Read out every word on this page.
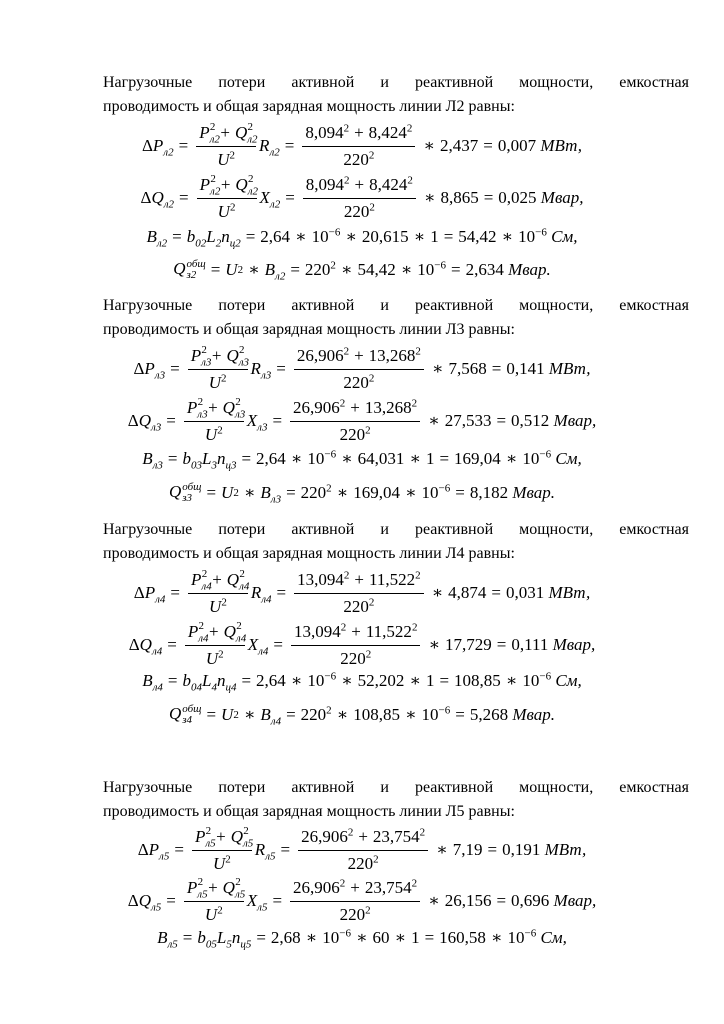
Нагрузочные потери активной и реактивной мощности, емкостная
проводимость и общая зарядная мощность линии Л2 равны:

Δ $P_{л2} = \frac{P_{л2}^2 + Q_{л2}^2}{U^2} R_{л2} = \frac{8,094^2 + 8,424^2}{220^2}$ ∗ 2,437 = 0,007
МВт,
Δ $Q_{л2} = \frac{P_{л2}^2 + Q_{л2}^2}{U^2} X_{л2} = \frac{8,094^2 + 8,424^2}{220^2}$ ∗ 8,865 = 0,025
Мвар,
$B_{л2} = b_{02}$ $L_2$ $n_{ц2} = 2,64$ ∗ $10^{-6}$ ∗ 20,615 ∗ 1 = 54,42 ∗ $10^{-6}$
См,
Q общ
з2 = U 2 ∗ $B_{л2} = 220^2$ ∗ 54,42 ∗ $10^{-6} = 2,634$
Мвар.

Нагрузочные потери активной и реактивной мощности, емкостная
проводимость и общая зарядная мощность линии Л3 равны:

Δ $P_{л3} = \frac{P_{л3}^2 + Q_{л3}^2}{U^2} R_{л3} = \frac{26,906^2 + 13,268^2}{220^2}$ ∗ 7,568 = 0,141
МВт,
Δ $Q_{л3} = \frac{P_{л3}^2 + Q_{л3}^2}{U^2} X_{л3} = \frac{26,906^2 + 13,268^2}{220^2}$ ∗ 27,533 = 0,512
Мвар,
$B_{л3} = b_{03}$ $L_3$ $n_{ц3} = 2,64$ ∗ $10^{-6}$ ∗ 64,031 ∗ 1 = 169,04 ∗ $10^{-6}$
См,
Q общ
з3 = U 2 ∗ $B_{л3} = 220^2$ ∗ 169,04 ∗ $10^{-6} = 8,182$
Мвар.

Нагрузочные потери активной и реактивной мощности, емкостная
проводимость и общая зарядная мощность линии Л4 равны:

Δ $P_{л4} = \frac{P_{л4}^2 + Q_{л4}^2}{U^2} R_{л4} = \frac{13,094^2 + 11,522^2}{220^2}$ ∗ 4,874 = 0,031
МВт,
Δ $Q_{л4} = \frac{P_{л4}^2 + Q_{л4}^2}{U^2} X_{л4} = \frac{13,094^2 + 11,522^2}{220^2}$ ∗ 17,729 = 0,111
Мвар,
$B_{л4} = b_{04}$ $L_4$ $n_{ц4} = 2,64$ ∗ $10^{-6}$ ∗ 52,202 ∗ 1 = 108,85 ∗ $10^{-6}$
См,
Q общ
з4 = U 2 ∗ $B_{л4} = 220^2$ ∗ 108,85 ∗ $10^{-6} = 5,268$
Мвар.

Нагрузочные потери активной и реактивной мощности, емкостная
проводимость и общая зарядная мощность линии Л5 равны:

Δ $P_{л5} = \frac{P_{л5}^2 + Q_{л5}^2}{U^2} R_{л5} = \frac{26,906^2 + 23,754^2}{220^2}$ ∗ 7,19 = 0,191
МВт,
Δ $Q_{л5} = \frac{P_{л5}^2 + Q_{л5}^2}{U^2} X_{л5} = \frac{26,906^2 + 23,754^2}{220^2}$ ∗ 26,156 = 0,696
Мвар,
$B_{л5} = b_{05}$ $L_5$ $n_{ц5} = 2,68$ ∗ $10^{-6}$ ∗ 60 ∗ 1 = 160,58 ∗ $10^{-6}$
См,
